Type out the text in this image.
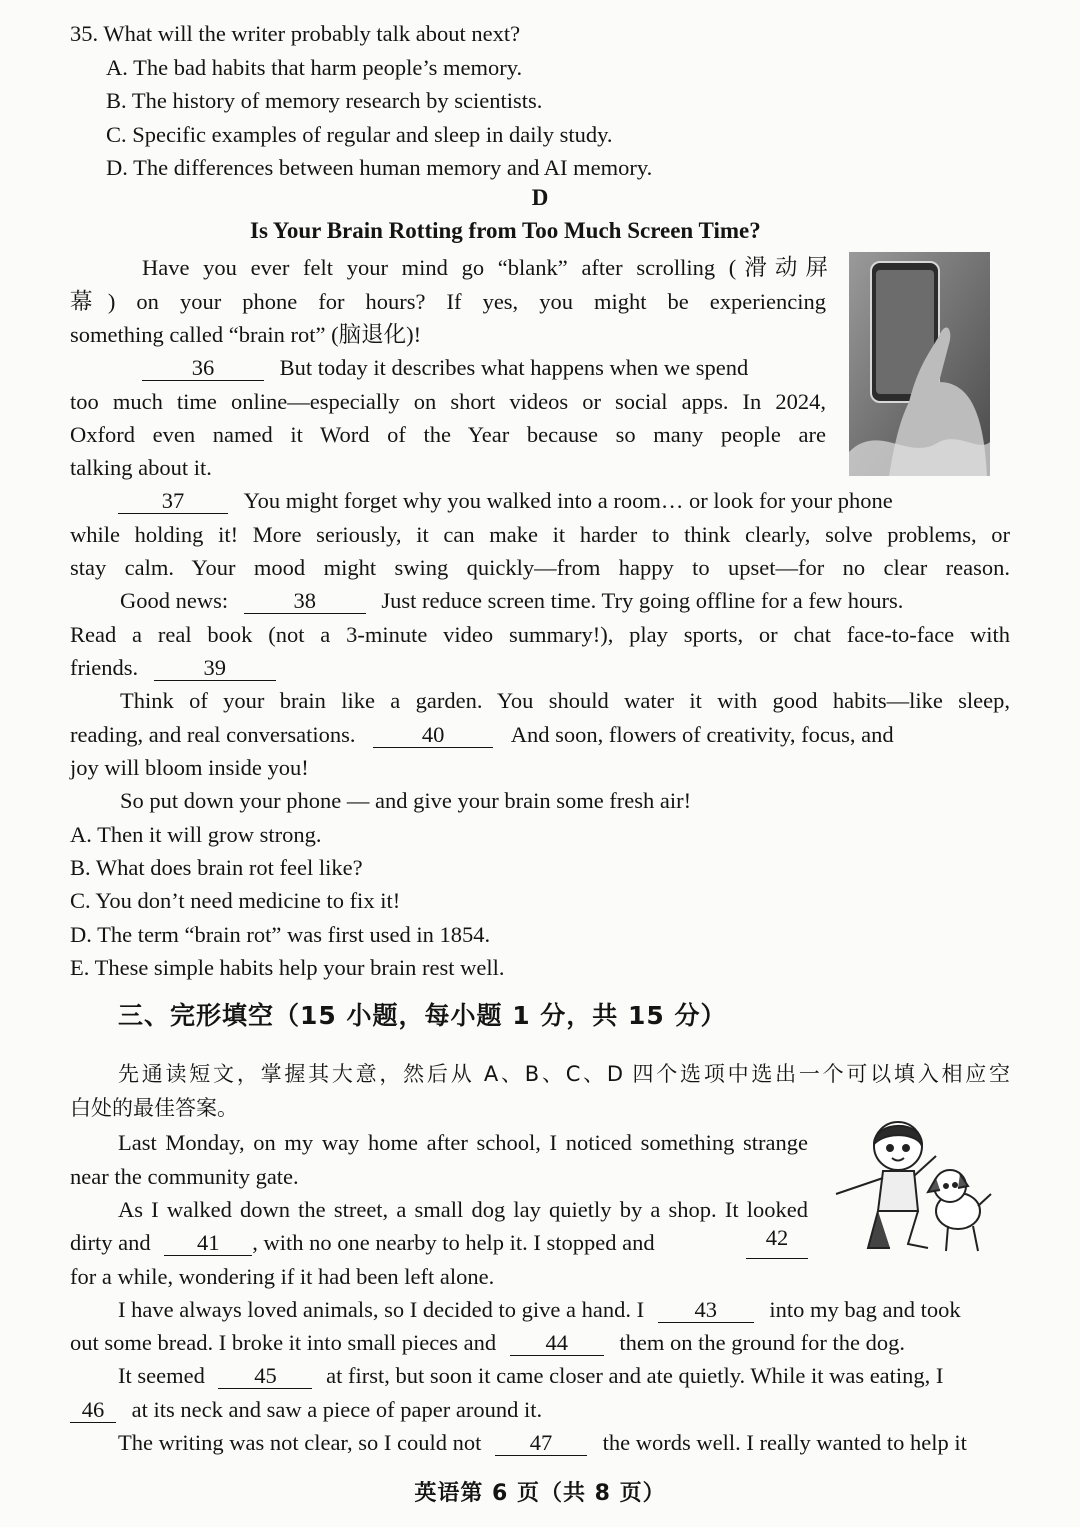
35. What will the writer probably talk about next?
A. The bad habits that harm people’s memory.
B. The history of memory research by scientists.
C. Specific examples of regular and sleep in daily study.
D. The differences between human memory and AI memory.
D
Is Your Brain Rotting from Too Much Screen Time?
Have you ever felt your mind go “blank” after scrolling (滑动屏
幕) on your phone for hours? If yes, you might be experiencing
something called “brain rot” (脑退化)!
36	But today it describes what happens when we spend
too much time online—especially on short videos or social apps. In 2024,
Oxford even named it Word of the Year because so many people are
talking about it.
37	You might forget why you walked into a room… or look for your phone
while holding it! More seriously, it can make it harder to think clearly, solve problems, or
stay calm. Your mood might swing quickly—from happy to upset—for no clear reason.
Good news:	38	Just reduce screen time. Try going offline for a few hours.
Read a real book (not a 3-minute video summary!), play sports, or chat face-to-face with
friends.	39
Think of your brain like a garden. You should water it with good habits—like sleep,
reading, and real conversations.	40	And soon, flowers of creativity, focus, and
joy will bloom inside you!
So put down your phone — and give your brain some fresh air!
A. Then it will grow strong.
B. What does brain rot feel like?
C. You don’t need medicine to fix it!
D. The term “brain rot” was first used in 1854.
E. These simple habits help your brain rest well.
三、完形填空（15 小题，每小题 1 分，共 15 分）
先通读短文，掌握其大意，然后从 A、B、C、D 四个选项中选出一个可以填入相应空
白处的最佳答案。
Last Monday, on my way home after school, I noticed something strange
near the community gate.
As I walked down the street, a small dog lay quietly by a shop. It looked
dirty and 41 , with no one nearby to help it. I stopped and	42
for a while, wondering if it had been left alone.
I have always loved animals, so I decided to give a hand. I 43 into my bag and took
out some bread. I broke it into small pieces and 44 them on the ground for the dog.
It seemed 45 at first, but soon it came closer and ate quietly. While it was eating, I
46 at its neck and saw a piece of paper around it.
The writing was not clear, so I could not 47 the words well. I really wanted to help it
英语第 6 页（共 8 页）
